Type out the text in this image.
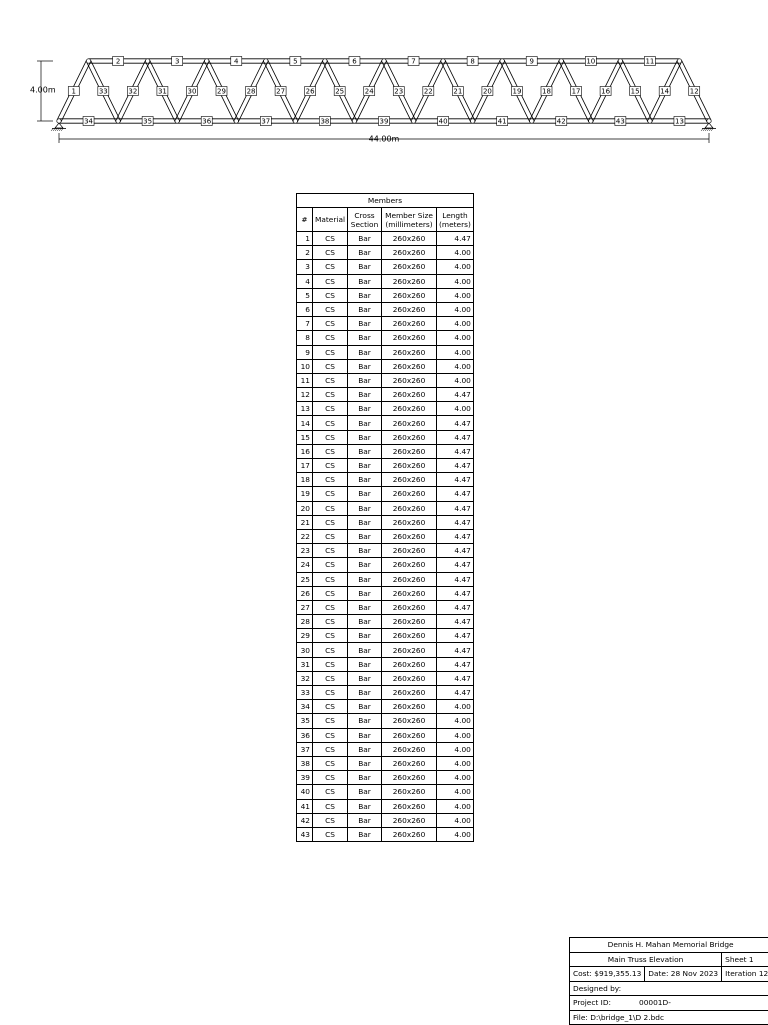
2	3	4	5	6	7	8	9	10	11
34	35	36	37	38	39	40	41	42	43	13
1	33	32	31	30	29	28	27	26	25	24	23	22	21	20	19	18	17	16	15	14	12
4.00m
44.00m
Members				
#	Material	Cross Section	Member Size (millimeters)	Length (meters)
1	CS	Bar	260x260	4.47
2	CS	Bar	260x260	4.00
3	CS	Bar	260x260	4.00
4	CS	Bar	260x260	4.00
5	CS	Bar	260x260	4.00
6	CS	Bar	260x260	4.00
7	CS	Bar	260x260	4.00
8	CS	Bar	260x260	4.00
9	CS	Bar	260x260	4.00
10	CS	Bar	260x260	4.00
11	CS	Bar	260x260	4.00
12	CS	Bar	260x260	4.47
13	CS	Bar	260x260	4.00
14	CS	Bar	260x260	4.47
15	CS	Bar	260x260	4.47
16	CS	Bar	260x260	4.47
17	CS	Bar	260x260	4.47
18	CS	Bar	260x260	4.47
19	CS	Bar	260x260	4.47
20	CS	Bar	260x260	4.47
21	CS	Bar	260x260	4.47
22	CS	Bar	260x260	4.47
23	CS	Bar	260x260	4.47
24	CS	Bar	260x260	4.47
25	CS	Bar	260x260	4.47
26	CS	Bar	260x260	4.47
27	CS	Bar	260x260	4.47
28	CS	Bar	260x260	4.47
29	CS	Bar	260x260	4.47
30	CS	Bar	260x260	4.47
31	CS	Bar	260x260	4.47
32	CS	Bar	260x260	4.47
33	CS	Bar	260x260	4.47
34	CS	Bar	260x260	4.00
35	CS	Bar	260x260	4.00
36	CS	Bar	260x260	4.00
37	CS	Bar	260x260	4.00
38	CS	Bar	260x260	4.00
39	CS	Bar	260x260	4.00
40	CS	Bar	260x260	4.00
41	CS	Bar	260x260	4.00
42	CS	Bar	260x260	4.00
43	CS	Bar	260x260	4.00
Dennis H. Mahan Memorial Bridge		
Main Truss Elevation		Sheet 1
Cost: $919,355.13	Date: 28 Nov 2023	Iteration 12
Designed by:		
Project ID: 00001D-		
File: D:\bridge_1\D 2.bdc		
